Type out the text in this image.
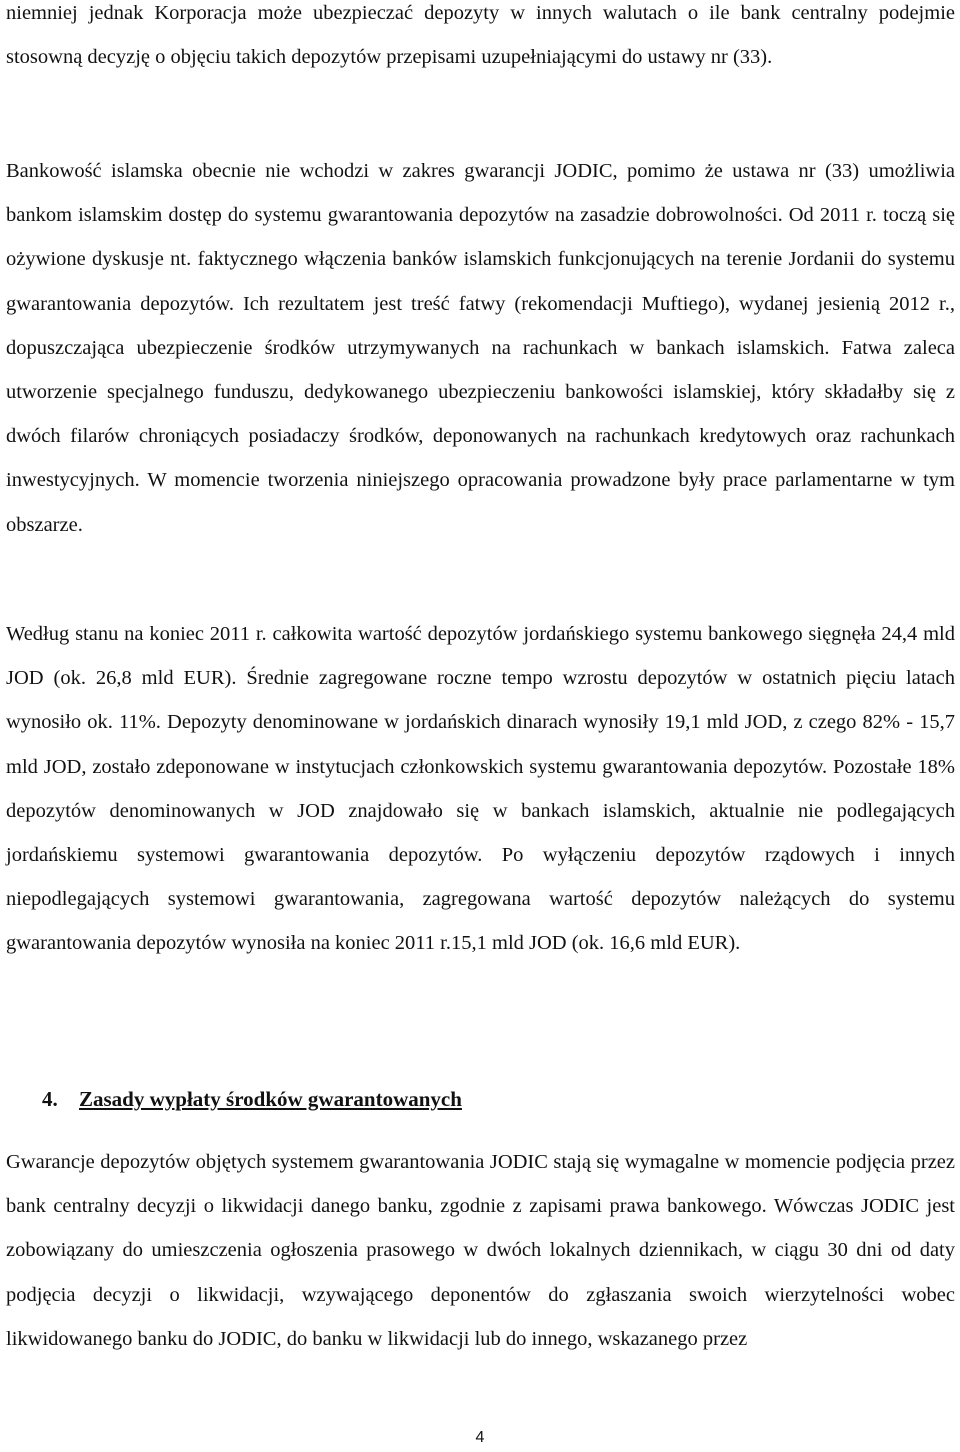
niemniej jednak Korporacja może ubezpieczać depozyty w innych walutach o ile bank centralny podejmie stosowną decyzję o objęciu takich depozytów przepisami uzupełniającymi do ustawy nr (33).

Bankowość islamska obecnie nie wchodzi w zakres gwarancji JODIC, pomimo że ustawa nr (33) umożliwia bankom islamskim dostęp do systemu gwarantowania depozytów na zasadzie dobrowolności. Od 2011 r. toczą się ożywione dyskusje nt. faktycznego włączenia banków islamskich funkcjonujących na terenie Jordanii do systemu gwarantowania depozytów. Ich rezultatem jest treść fatwy (rekomendacji Muftiego), wydanej jesienią 2012 r., dopuszczająca ubezpieczenie środków utrzymywanych na rachunkach w bankach islamskich. Fatwa zaleca utworzenie specjalnego funduszu, dedykowanego ubezpieczeniu bankowości islamskiej, który składałby się z dwóch filarów chroniących posiadaczy środków, deponowanych na rachunkach kredytowych oraz rachunkach inwestycyjnych. W momencie tworzenia niniejszego opracowania prowadzone były prace parlamentarne w tym obszarze.

Według stanu na koniec 2011 r. całkowita wartość depozytów jordańskiego systemu bankowego sięgnęła 24,4 mld JOD (ok. 26,8 mld EUR). Średnie zagregowane roczne tempo wzrostu depozytów w ostatnich pięciu latach wynosiło ok. 11%. Depozyty denominowane w jordańskich dinarach wynosiły 19,1 mld JOD, z czego 82% - 15,7 mld JOD, zostało zdeponowane w instytucjach członkowskich systemu gwarantowania depozytów. Pozostałe 18% depozytów denominowanych w JOD znajdowało się w bankach islamskich, aktualnie nie podlegających jordańskiemu systemowi gwarantowania depozytów. Po wyłączeniu depozytów rządowych i innych niepodlegających systemowi gwarantowania, zagregowana wartość depozytów należących do systemu gwarantowania depozytów wynosiła na koniec 2011 r.15,1 mld JOD (ok. 16,6 mld EUR).

4. Zasady wypłaty środków gwarantowanych

Gwarancje depozytów objętych systemem gwarantowania JODIC stają się wymagalne w momencie podjęcia przez bank centralny decyzji o likwidacji danego banku, zgodnie z zapisami prawa bankowego. Wówczas JODIC jest zobowiązany do umieszczenia ogłoszenia prasowego w dwóch lokalnych dziennikach, w ciągu 30 dni od daty podjęcia decyzji o likwidacji, wzywającego deponentów do zgłaszania swoich wierzytelności wobec likwidowanego banku do JODIC, do banku w likwidacji lub do innego, wskazanego przez

4
